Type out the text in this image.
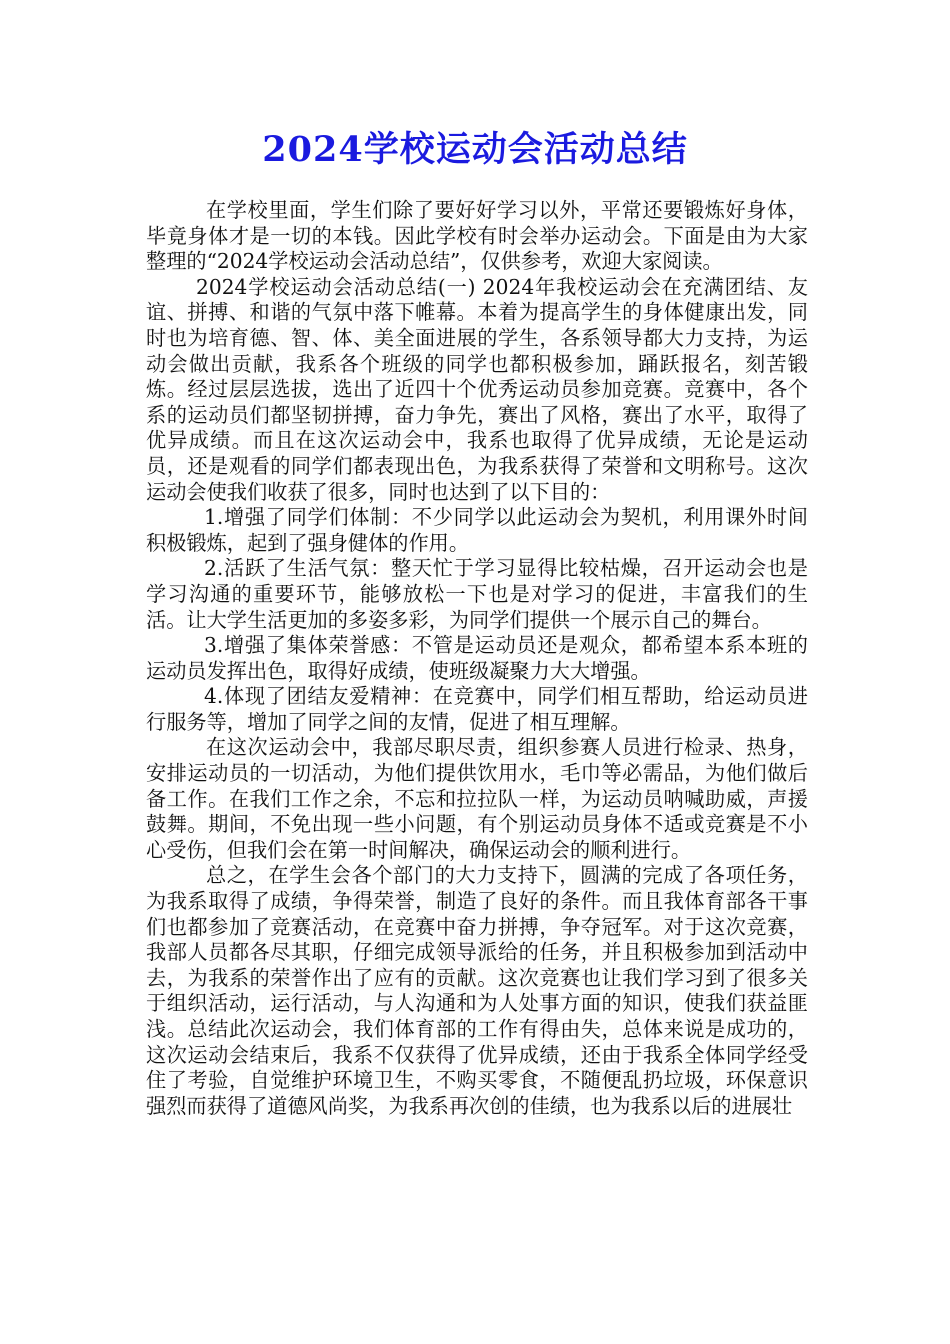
2024学校运动会活动总结

在学校里面，学生们除了要好好学习以外，平常还要锻炼好身体，毕竟身体才是一切的本钱。因此学校有时会举办运动会。下面是由为大家整理的“2024学校运动会活动总结”，仅供参考，欢迎大家阅读。

2024学校运动会活动总结(一) 2024年我校运动会在充满团结、友谊、拼搏、和谐的气氛中落下帷幕。本着为提高学生的身体健康出发，同时也为培育德、智、体、美全面进展的学生，各系领导都大力支持，为运动会做出贡献，我系各个班级的同学也都积极参加，踊跃报名，刻苦锻炼。经过层层选拔，选出了近四十个优秀运动员参加竞赛。竞赛中，各个系的运动员们都坚韧拼搏，奋力争先，赛出了风格，赛出了水平，取得了优异成绩。而且在这次运动会中，我系也取得了优异成绩，无论是运动员，还是观看的同学们都表现出色，为我系获得了荣誉和文明称号。这次运动会使我们收获了很多，同时也达到了以下目的：

1.增强了同学们体制：不少同学以此运动会为契机，利用课外时间积极锻炼，起到了强身健体的作用。

2.活跃了生活气氛：整天忙于学习显得比较枯燥，召开运动会也是学习沟通的重要环节，能够放松一下也是对学习的促进，丰富我们的生活。让大学生活更加的多姿多彩，为同学们提供一个展示自己的舞台。

3.增强了集体荣誉感：不管是运动员还是观众，都希望本系本班的运动员发挥出色，取得好成绩，使班级凝聚力大大增强。

4.体现了团结友爱精神：在竞赛中，同学们相互帮助，给运动员进行服务等，增加了同学之间的友情，促进了相互理解。

在这次运动会中，我部尽职尽责，组织参赛人员进行检录、热身，安排运动员的一切活动，为他们提供饮用水，毛巾等必需品，为他们做后备工作。在我们工作之余，不忘和拉拉队一样，为运动员呐喊助威，声援鼓舞。期间，不免出现一些小问题，有个别运动员身体不适或竞赛是不小心受伤，但我们会在第一时间解决，确保运动会的顺利进行。

总之，在学生会各个部门的大力支持下，圆满的完成了各项任务，为我系取得了成绩，争得荣誉，制造了良好的条件。而且我体育部各干事们也都参加了竞赛活动，在竞赛中奋力拼搏，争夺冠军。对于这次竞赛，我部人员都各尽其职，仔细完成领导派给的任务，并且积极参加到活动中去，为我系的荣誉作出了应有的贡献。这次竞赛也让我们学习到了很多关于组织活动，运行活动，与人沟通和为人处事方面的知识，使我们获益匪浅。总结此次运动会，我们体育部的工作有得由失，总体来说是成功的，这次运动会结束后，我系不仅获得了优异成绩，还由于我系全体同学经受住了考验，自觉维护环境卫生，不购买零食，不随便乱扔垃圾，环保意识强烈而获得了道德风尚奖，为我系再次创的佳绩，也为我系以后的进展壮
